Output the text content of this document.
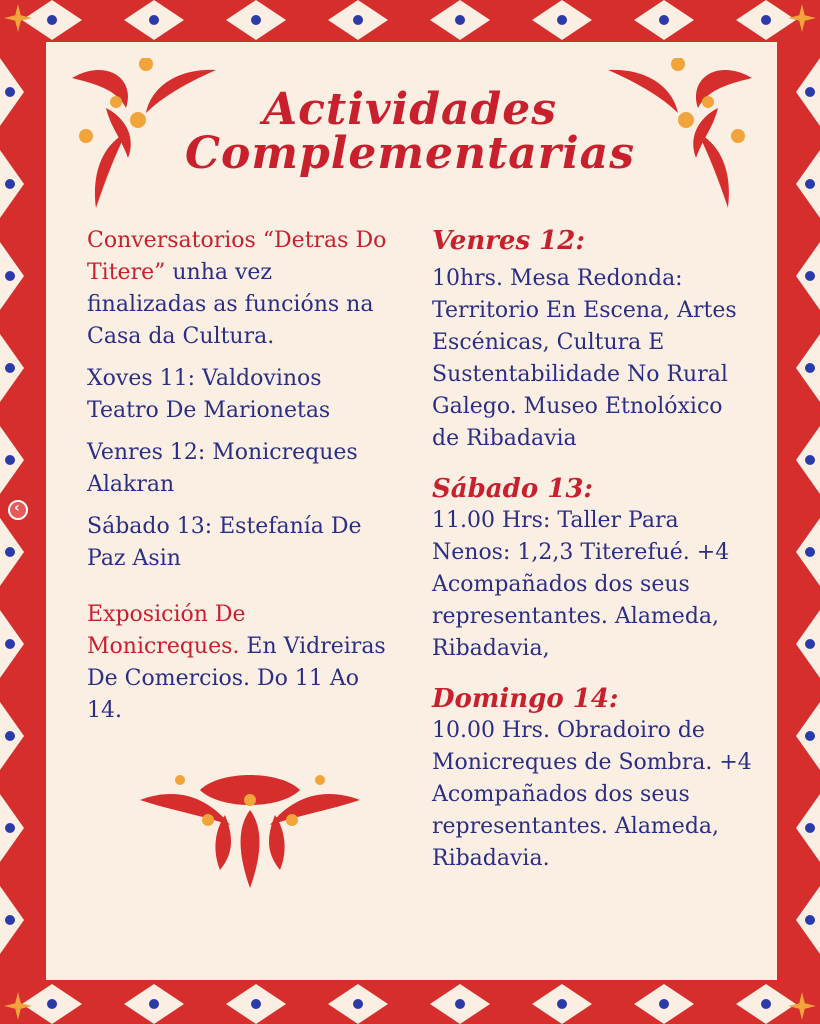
Actividades
Complementarias

Conversatorios “Detras Do Titere” unha vez finalizadas as funcións na Casa da Cultura.

Xoves 11: Valdovinos Teatro De Marionetas

Venres 12: Monicreques Alakran

Sábado 13: Estefanía De Paz Asin

Exposición De Monicreques. En Vidreiras De Comercios. Do 11 Ao 14.

Venres 12:

10hrs. Mesa Redonda: Territorio En Escena, Artes Escénicas, Cultura E Sustentabilidade No Rural Galego. Museo Etnolóxico de Ribadavia

Sábado 13:

11.00 Hrs: Taller Para Nenos: 1,2,3 Titerefué. +4 Acompañados dos seus representantes. Alameda, Ribadavia,

Domingo 14:

10.00 Hrs. Obradoiro de Monicreques de Sombra. +4 Acompañados dos seus representantes. Alameda, Ribadavia.

‹
